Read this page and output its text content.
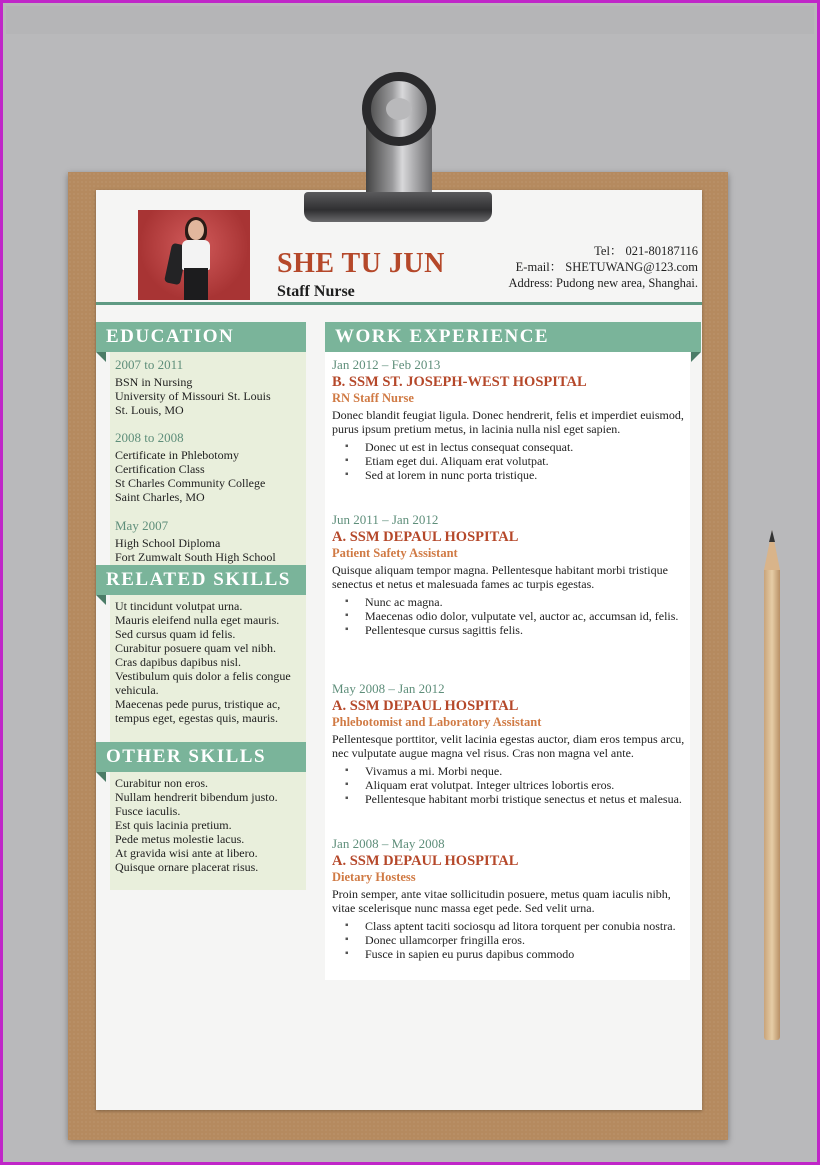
SHE TU JUN
Staff Nurse
Tel： 021-80187116
E-mail： SHETUWANG@123.com
Address: Pudong new area, Shanghai.
EDUCATION
2007 to 2011
BSN in Nursing
University of Missouri St. Louis
St. Louis, MO
2008 to 2008
Certificate in Phlebotomy
Certification Class
St Charles Community College
Saint Charles, MO
May 2007
High School Diploma
Fort Zumwalt South High School
RELATED SKILLS
Ut tincidunt volutpat urna.
Mauris eleifend nulla eget mauris.
Sed cursus quam id felis.
Curabitur posuere quam vel nibh.
Cras dapibus dapibus nisl.
Vestibulum quis dolor a felis congue vehicula.
Maecenas pede purus, tristique ac, tempus eget, egestas quis, mauris.
OTHER SKILLS
Curabitur non eros.
Nullam hendrerit bibendum justo.
Fusce iaculis.
Est quis lacinia pretium.
Pede metus molestie lacus.
At gravida wisi ante at libero.
Quisque ornare placerat risus.
WORK EXPERIENCE
Jan 2012 – Feb 2013
B. SSM ST. JOSEPH-WEST HOSPITAL
RN Staff Nurse
Donec blandit feugiat ligula. Donec hendrerit, felis et imperdiet euismod, purus ipsum pretium metus, in lacinia nulla nisl eget sapien.
▪ Donec ut est in lectus consequat consequat.
▪ Etiam eget dui. Aliquam erat volutpat.
▪ Sed at lorem in nunc porta tristique.
Jun 2011 – Jan 2012
A. SSM DEPAUL HOSPITAL
Patient Safety Assistant
Quisque aliquam tempor magna. Pellentesque habitant morbi tristique senectus et netus et malesuada fames ac turpis egestas.
▪ Nunc ac magna.
▪ Maecenas odio dolor, vulputate vel, auctor ac, accumsan id, felis.
▪ Pellentesque cursus sagittis felis.
May 2008 – Jan 2012
A. SSM DEPAUL HOSPITAL
Phlebotomist and Laboratory Assistant
Pellentesque porttitor, velit lacinia egestas auctor, diam eros tempus arcu, nec vulputate augue magna vel risus. Cras non magna vel ante.
▪ Vivamus a mi. Morbi neque.
▪ Aliquam erat volutpat. Integer ultrices lobortis eros.
▪ Pellentesque habitant morbi tristique senectus et netus et malesua.
Jan 2008 – May 2008
A. SSM DEPAUL HOSPITAL
Dietary Hostess
Proin semper, ante vitae sollicitudin posuere, metus quam iaculis nibh, vitae scelerisque nunc massa eget pede. Sed velit urna.
▪ Class aptent taciti sociosqu ad litora torquent per conubia nostra.
▪ Donec ullamcorper fringilla eros.
▪ Fusce in sapien eu purus dapibus commodo
